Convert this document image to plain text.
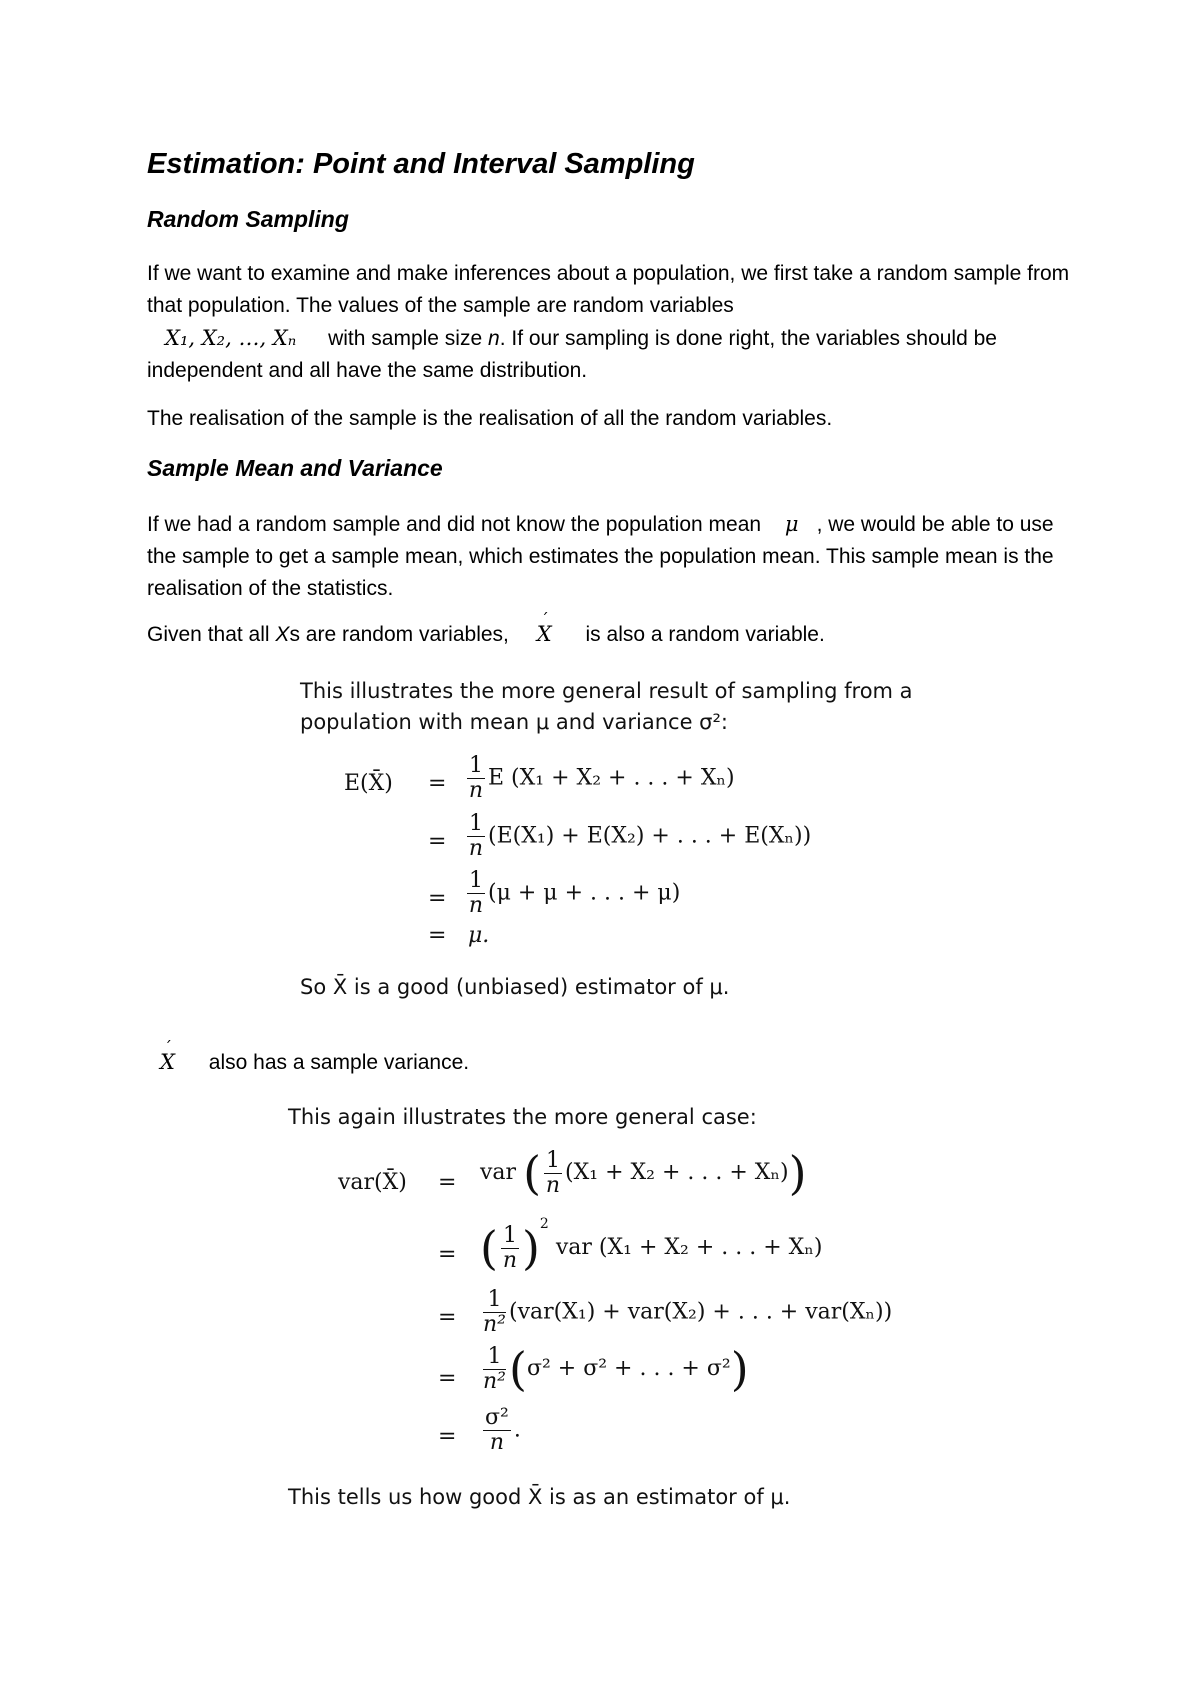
Estimation: Point and Interval Sampling
Random Sampling

If we want to examine and make inferences about a population, we first take a random sample from that population. The values of the sample are random variables
X₁, X₂, …, Xₙ with sample size n. If our sampling is done right, the variables should be independent and all have the same distribution.

The realisation of the sample is the realisation of all the random variables.

Sample Mean and Variance

If we had a random sample and did not know the population mean μ , we would be able to use the sample to get a sample mean, which estimates the population mean. This sample mean is the realisation of the statistics.

Given that all Xs are random variables, ´ X is also a random variable.

This illustrates the more general result of sampling from a
population with mean μ and variance σ²:
E(X̄) = $\frac{1}{n}$ E (X₁ + X₂ + . . . + Xₙ)
= $\frac{1}{n} (E(X_1) + E(X_2)$ + . . . + E(Xₙ))
= $\frac{1}{n} (\mu + \mu$ + . . . + μ)
= μ.
So X̄ is a good (unbiased) estimator of μ.

´ X also has a sample variance.

This again illustrates the more general case:
var(X̄) = var ( $\frac{1}{n} (X_1 + X_2$ + . . . + Xₙ))
= ( $\frac{1}{n} )^2$ var (X₁ + X₂ + . . . + Xₙ)
= $\frac{1}{\text{n²}} (var(X_1) + var(X_2)$ + . . . + var(Xₙ))
= $\frac{1}{\text{n²}} (\sigma^2 + \sigma^2$ + . . . + σ²)
= $\frac{\text{σ²}}{n}$ .
This tells us how good X̄ is as an estimator of μ.
